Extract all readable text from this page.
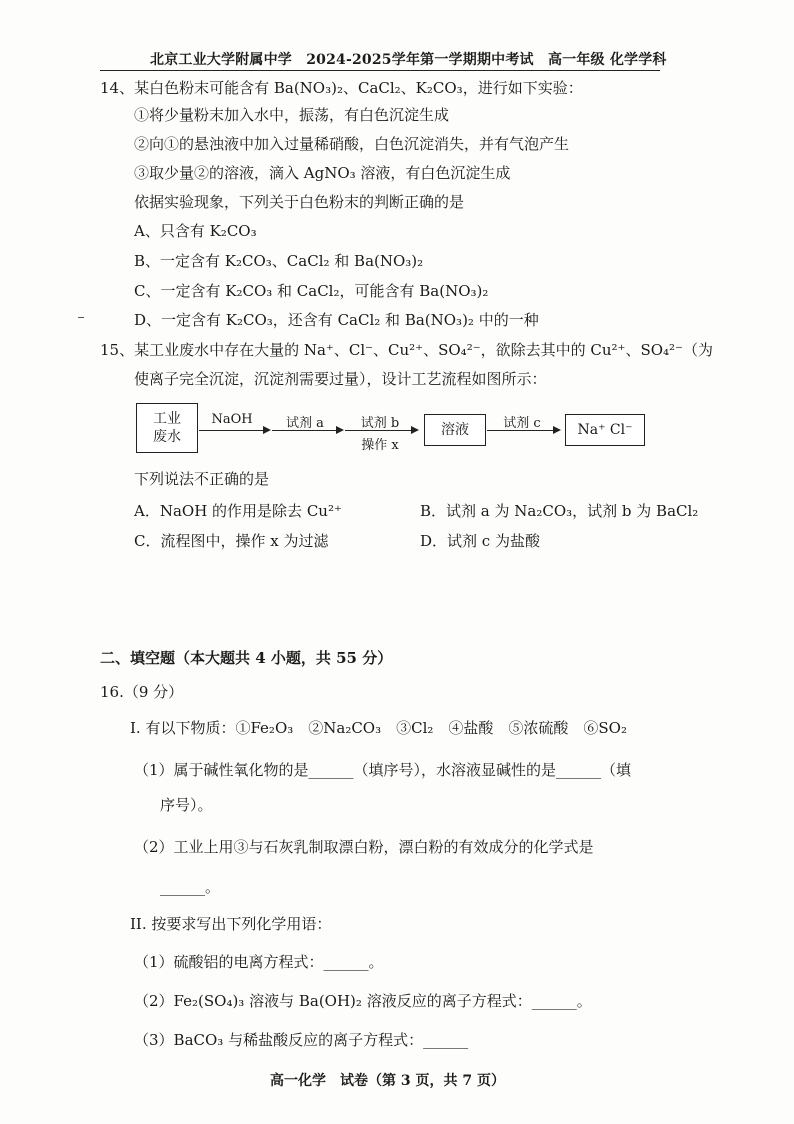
北京工业大学附属中学　2024-2025学年第一学期期中考试　高一年级 化学学科
14、某白色粉末可能含有 Ba(NO₃)₂、CaCl₂、K₂CO₃，进行如下实验：
①将少量粉末加入水中，振荡，有白色沉淀生成
②向①的悬浊液中加入过量稀硝酸，白色沉淀消失，并有气泡产生
③取少量②的溶液，滴入 AgNO₃ 溶液，有白色沉淀生成
依据实验现象，下列关于白色粉末的判断正确的是
A、只含有 K₂CO₃
B、一定含有 K₂CO₃、CaCl₂ 和 Ba(NO₃)₂
C、一定含有 K₂CO₃ 和 CaCl₂，可能含有 Ba(NO₃)₂
D、一定含有 K₂CO₃，还含有 CaCl₂ 和 Ba(NO₃)₂ 中的一种
15、某工业废水中存在大量的 Na⁺、Cl⁻、Cu²⁺、SO₄²⁻，欲除去其中的 Cu²⁺、SO₄²⁻（为
使离子完全沉淀，沉淀剂需要过量），设计工艺流程如图所示：
工业
废水
NaOH	试剂 a	试剂 b
操作 x
溶液	试剂 c	Na⁺ Cl⁻
下列说法不正确的是
A．NaOH 的作用是除去 Cu²⁺	B．试剂 a 为 Na₂CO₃，试剂 b 为 BaCl₂
C．流程图中，操作 x 为过滤	D．试剂 c 为盐酸
二、填空题（本大题共 4 小题，共 55 分）
16.（9 分）
I. 有以下物质：①Fe₂O₃　②Na₂CO₃　③Cl₂　④盐酸　⑤浓硫酸　⑥SO₂
（1）属于碱性氧化物的是______（填序号），水溶液显碱性的是______（填
序号）。
（2）工业上用③与石灰乳制取漂白粉，漂白粉的有效成分的化学式是
______。
II. 按要求写出下列化学用语：
（1）硫酸铝的电离方程式：______。
（2）Fe₂(SO₄)₃ 溶液与 Ba(OH)₂ 溶液反应的离子方程式：______。
（3）BaCO₃ 与稀盐酸反应的离子方程式：______
高一化学　试卷（第 3 页，共 7 页）
